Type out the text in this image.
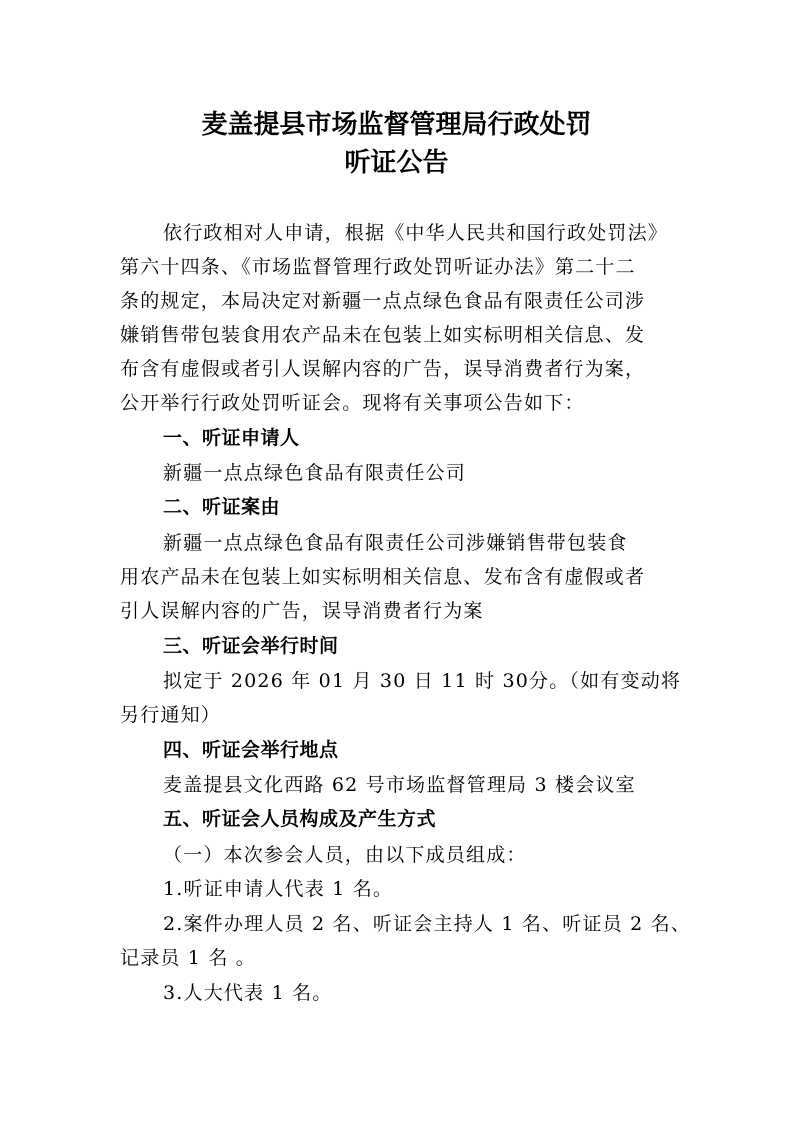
麦盖提县市场监督管理局行政处罚
听证公告

依行政相对人申请，根据《中华人民共和国行政处罚法》

第六十四条、《市场监督管理行政处罚听证办法》第二十二

条的规定，本局决定对新疆一点点绿色食品有限责任公司涉

嫌销售带包装食用农产品未在包装上如实标明相关信息、发

布含有虚假或者引人误解内容的广告，误导消费者行为案，

公开举行行政处罚听证会。现将有关事项公告如下：

一、听证申请人

新疆一点点绿色食品有限责任公司

二、听证案由

新疆一点点绿色食品有限责任公司涉嫌销售带包装食

用农产品未在包装上如实标明相关信息、发布含有虚假或者

引人误解内容的广告，误导消费者行为案

三、听证会举行时间

拟定于 2026 年 01 月 30 日 11 时 30分。（如有变动将

另行通知）

四、听证会举行地点

麦盖提县文化西路 62 号市场监督管理局 3 楼会议室

五、听证会人员构成及产生方式

（一）本次参会人员，由以下成员组成：

1.听证申请人代表 1 名。

2.案件办理人员 2 名、听证会主持人 1 名、听证员 2 名、

记录员 1 名 。

3.人大代表 1 名。
